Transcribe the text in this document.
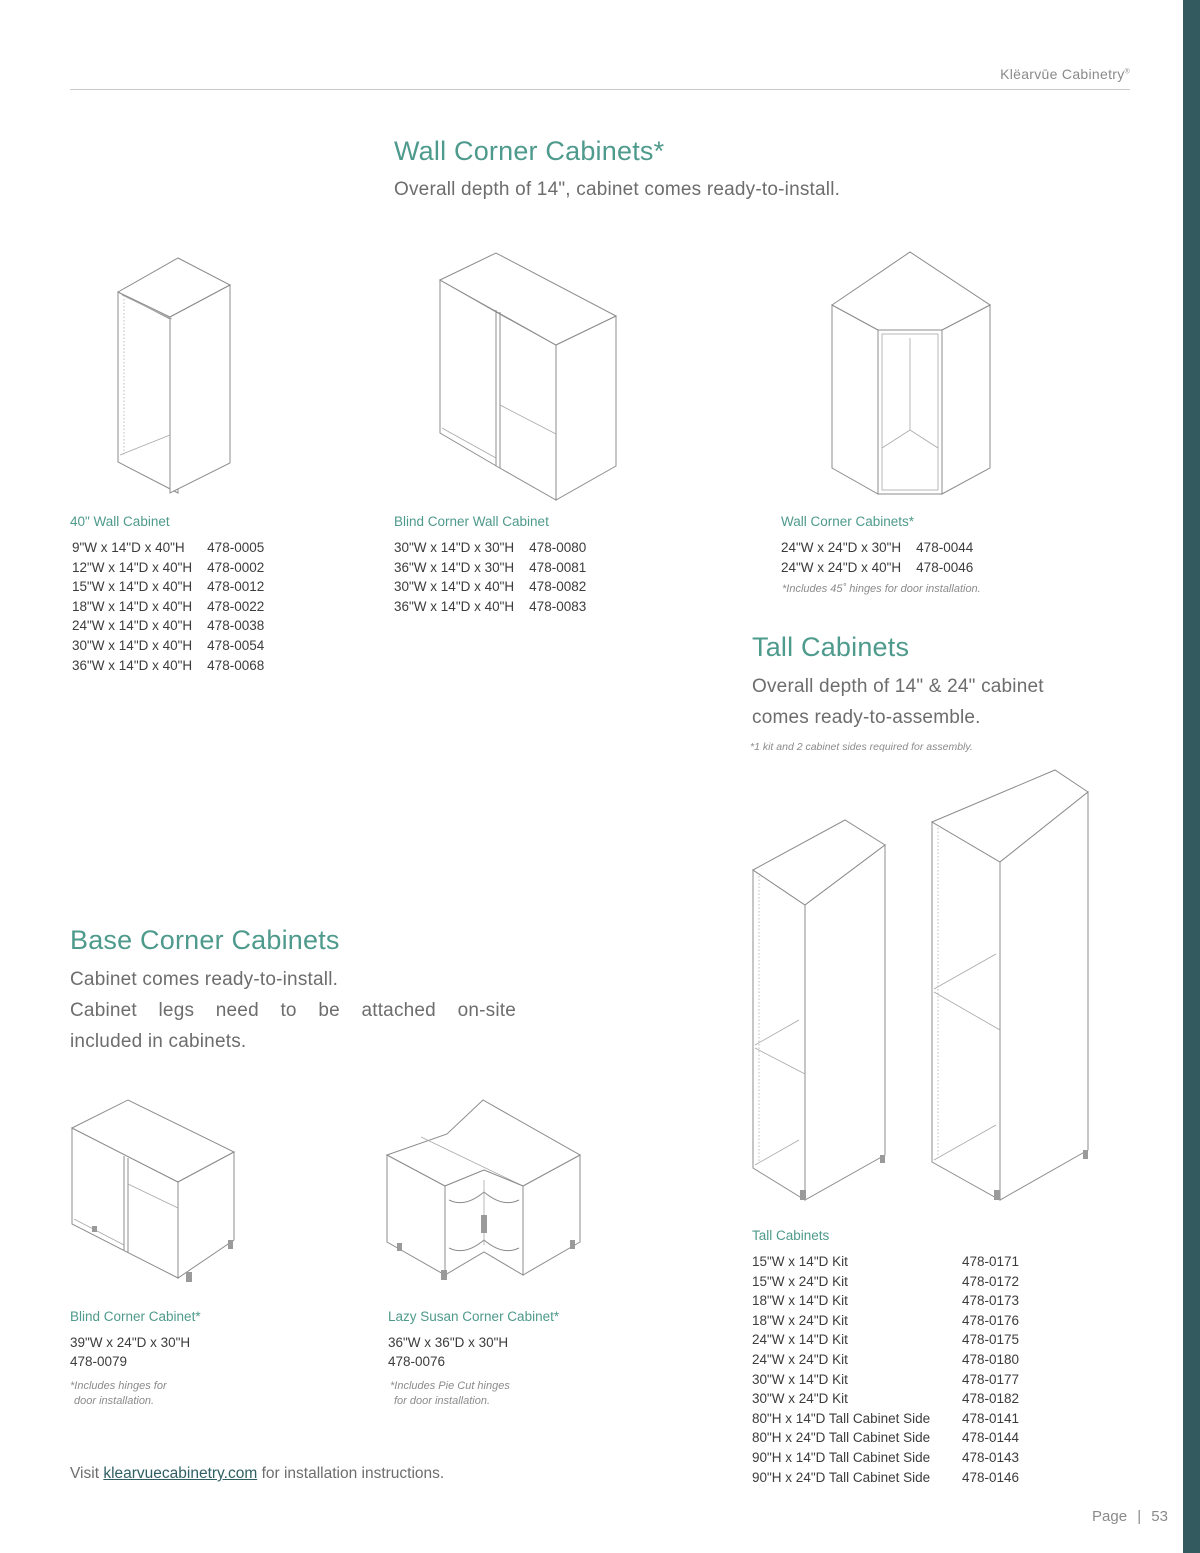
Klëarvūe Cabinetry®
Wall Corner Cabinets*

Overall depth of 14", cabinet comes ready-to-install.

40" Wall Cabinet
9"W x 14"D x 40"H	478-0005
12"W x 14"D x 40"H	478-0002
15"W x 14"D x 40"H	478-0012
18"W x 14"D x 40"H	478-0022
24"W x 14"D x 40"H	478-0038
30"W x 14"D x 40"H	478-0054
36"W x 14"D x 40"H	478-0068
Blind Corner Wall Cabinet
30"W x 14"D x 30"H	478-0080
36"W x 14"D x 30"H	478-0081
30"W x 14"D x 40"H	478-0082
36"W x 14"D x 40"H	478-0083
Wall Corner Cabinets*
24"W x 24"D x 30"H	478-0044
24"W x 24"D x 40"H	478-0046
*Includes 45˚ hinges for door installation.
Tall Cabinets

Overall depth of 14" & 24" cabinet
comes ready-to-assemble.

*1 kit and 2 cabinet sides required for assembly.
Tall Cabinets
15"W x 14"D Kit	478-0171
15"W x 24"D Kit	478-0172
18"W x 14"D Kit	478-0173
18"W x 24"D Kit	478-0176
24"W x 14"D Kit	478-0175
24"W x 24"D Kit	478-0180
30"W x 14"D Kit	478-0177
30"W x 24"D Kit	478-0182
80"H x 14"D Tall Cabinet Side	478-0141
80"H x 24"D Tall Cabinet Side	478-0144
90"H x 14"D Tall Cabinet Side	478-0143
90"H x 24"D Tall Cabinet Side	478-0146
Base Corner Cabinets

Cabinet comes ready-to-install.
Cabinet legs need to be attached on-site
included in cabinets.

Blind Corner Cabinet*
39"W x 24"D x 30"H
478-0079
*Includes hinges for
door installation.
Lazy Susan Corner Cabinet*
36"W x 36"D x 30"H
478-0076
*Includes Pie Cut hinges
for door installation.
Visit klearvuecabinetry.com for installation instructions.
Page | 53
